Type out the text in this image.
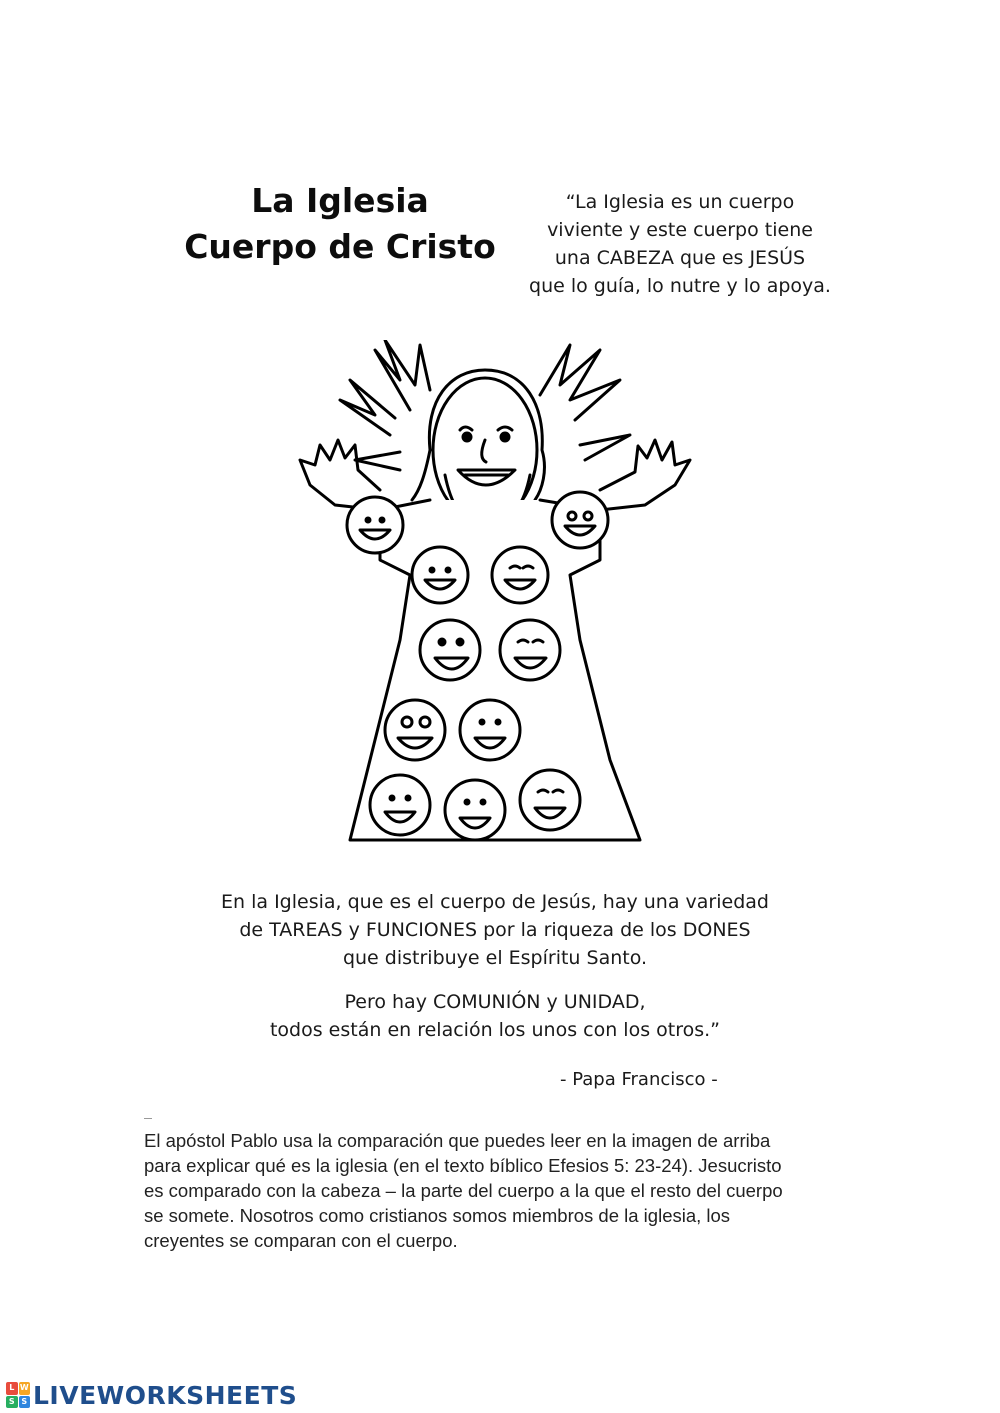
La Iglesia
Cuerpo de Cristo
“La Iglesia es un cuerpo
viviente y este cuerpo tiene
una CABEZA que es JESÚS
que lo guía, lo nutre y lo apoya.
En la Iglesia, que es el cuerpo de Jesús, hay una variedad
de TAREAS y FUNCIONES por la riqueza de los DONES
que distribuye el Espíritu Santo.
Pero hay COMUNIÓN y UNIDAD,
todos están en relación los unos con los otros.”
- Papa Francisco -
El apóstol Pablo usa la comparación que puedes leer en la imagen de arriba
para explicar qué es la iglesia (en el texto bíblico Efesios 5: 23-24). Jesucristo
es comparado con la cabeza – la parte del cuerpo a la que el resto del cuerpo
se somete. Nosotros como cristianos somos miembros de la iglesia, los
creyentes se comparan con el cuerpo.
L W
S S LIVEWORKSHEETS
